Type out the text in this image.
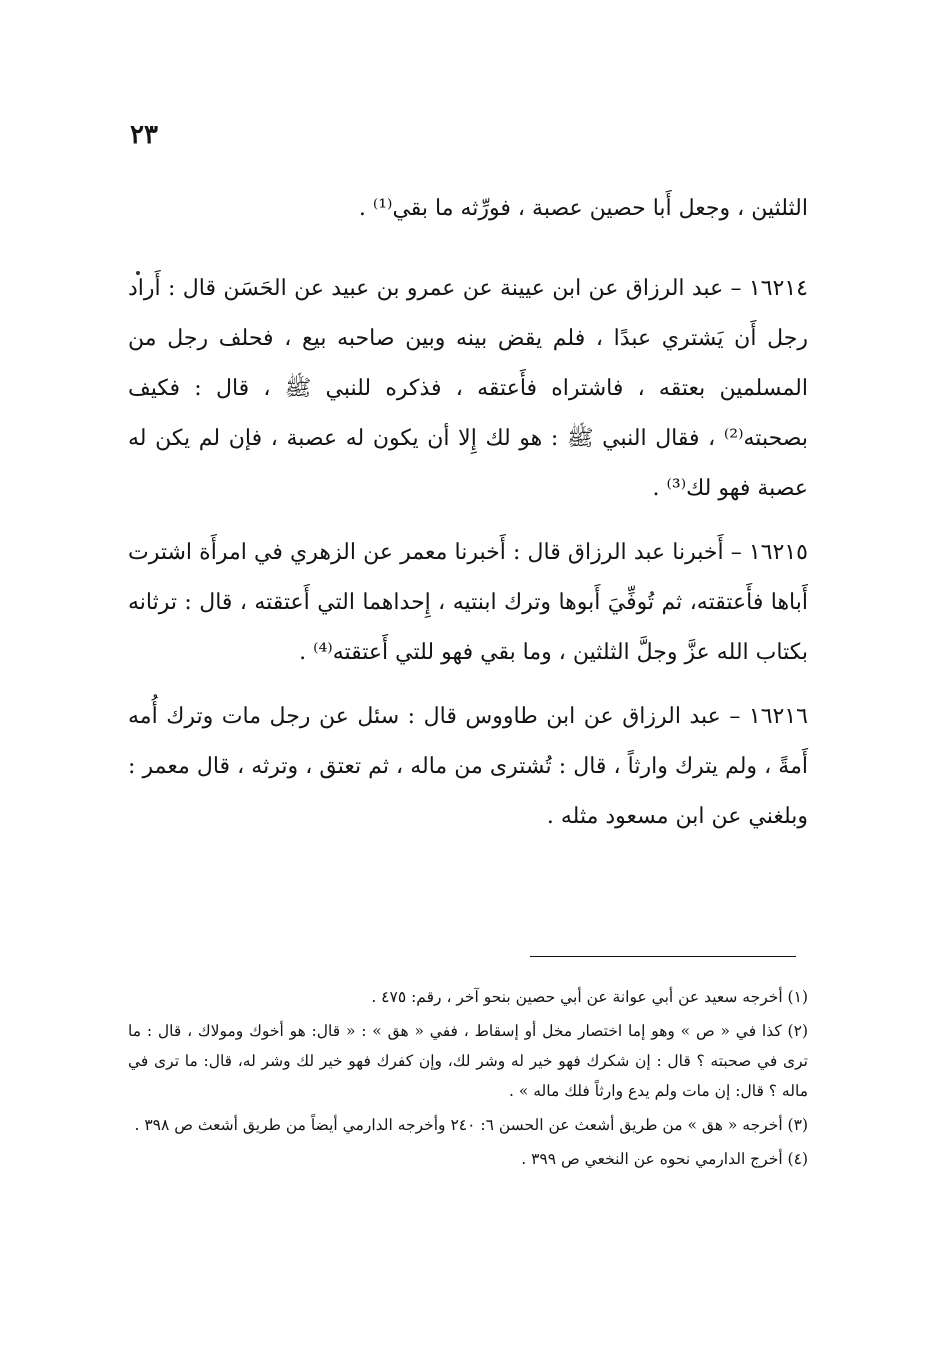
٢٣

الثلثين ، وجعل أَبا حصين عصبة ، فورِّثه ما بقي⁽¹⁾ .

١٦٢١٤ – عبد الرزاق عن ابن عيينة عن عمرو بن عبيد عن الحَسَن قال : أَراد رجل أَن يَشتري عبدًا ، فلم يقض بينه وبين صاحبه بيع ، فحلف رجل من المسلمين بعتقه ، فاشتراه فأَعتقه ، فذكره للنبي ﷺ ، قال : فكيف بصحبته⁽²⁾ ، فقال النبي ﷺ : هو لك إِلا أن يكون له عصبة ، فإن لم يكن له عصبة فهو لك⁽³⁾ .

١٦٢١٥ – أَخبرنا عبد الرزاق قال : أَخبرنا معمر عن الزهري في امرأَة اشترت أَباها فأَعتقته، ثم تُوفِّيَ أَبوها وترك ابنتيه ، إِحداهما التي أَعتقته ، قال : ترثانه بكتاب الله عزَّ وجلَّ الثلثين ، وما بقي فهو للتي أَعتقته⁽⁴⁾ .

١٦٢١٦ – عبد الرزاق عن ابن طاووس قال : سئل عن رجل مات وترك أُمه أَمةً ، ولم يترك وارثاً ، قال : تُشترى من ماله ، ثم تعتق ، وترثه ، قال معمر : وبلغني عن ابن مسعود مثله .

(١) أخرجه سعيد عن أبي عوانة عن أبي حصين بنحو آخر ، رقم: ٤٧٥ .

(٢) كذا في « ص » وهو إما اختصار مخل أو إسقاط ، ففي « هق » : « قال: هو أخوك ومولاك ، قال : ما ترى في صحبته ؟ قال : إن شكرك فهو خير له وشر لك، وإن كفرك فهو خير لك وشر له، قال: ما ترى في ماله ؟ قال: إن مات ولم يدع وارثاً فلك ماله » .

(٣) أخرجه « هق » من طريق أشعث عن الحسن ٦: ٢٤٠ وأخرجه الدارمي أيضاً من طريق أشعث ص ٣٩٨ .

(٤) أخرج الدارمي نحوه عن النخعي ص ٣٩٩ .
